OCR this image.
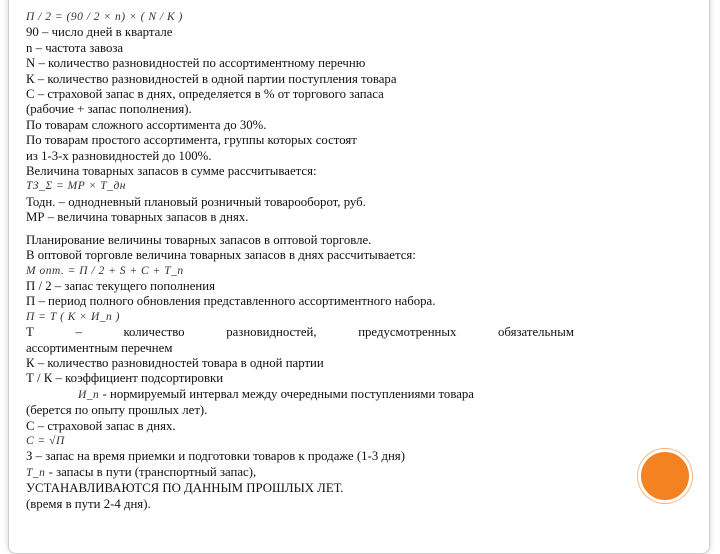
П / 2 = (90 / 2 × n) × ( N / K )
90 – число дней в квартале
n – частота завоза
N – количество разновидностей по ассортиментному перечню
К – количество разновидностей в одной партии поступления товара
С – страховой запас в днях, определяется в % от торгового запаса
(рабочие + запас пополнения).
По товарам сложного ассортимента до 30%.
По товарам простого ассортимента, группы которых состоят
из 1-3-х разновидностей до 100%.
Величина товарных запасов в сумме рассчитывается:
ТЗ_Σ = МР × Т_дн
Тодн. – однодневный плановый розничный товарооборот, руб.
МР – величина товарных запасов в днях.
Планирование величины товарных запасов в оптовой торговле.
В оптовой торговле величина товарных запасов в днях рассчитывается:
М опт. = П / 2 + S + C + Т_п
П / 2 – запас текущего пополнения
П – период полного обновления представленного ассортиментного набора.
П = Т ( К × И_п )
Т	–	количество	разновидностей,	предусмотренных	обязательным
ассортиментным перечнем
К – количество разновидностей товара в одной партии
Т / К – коэффициент подсортировки
И_п - нормируемый интервал между очередными поступлениями товара
(берется по опыту прошлых лет).
С – страховой запас в днях.
C = √П
З – запас на время приемки и подготовки товаров к продаже (1-3 дня)
Т_п - запасы в пути (транспортный запас),
УСТАНАВЛИВАЮТСЯ ПО ДАННЫМ ПРОШЛЫХ ЛЕТ.
(время в пути 2-4 дня).
